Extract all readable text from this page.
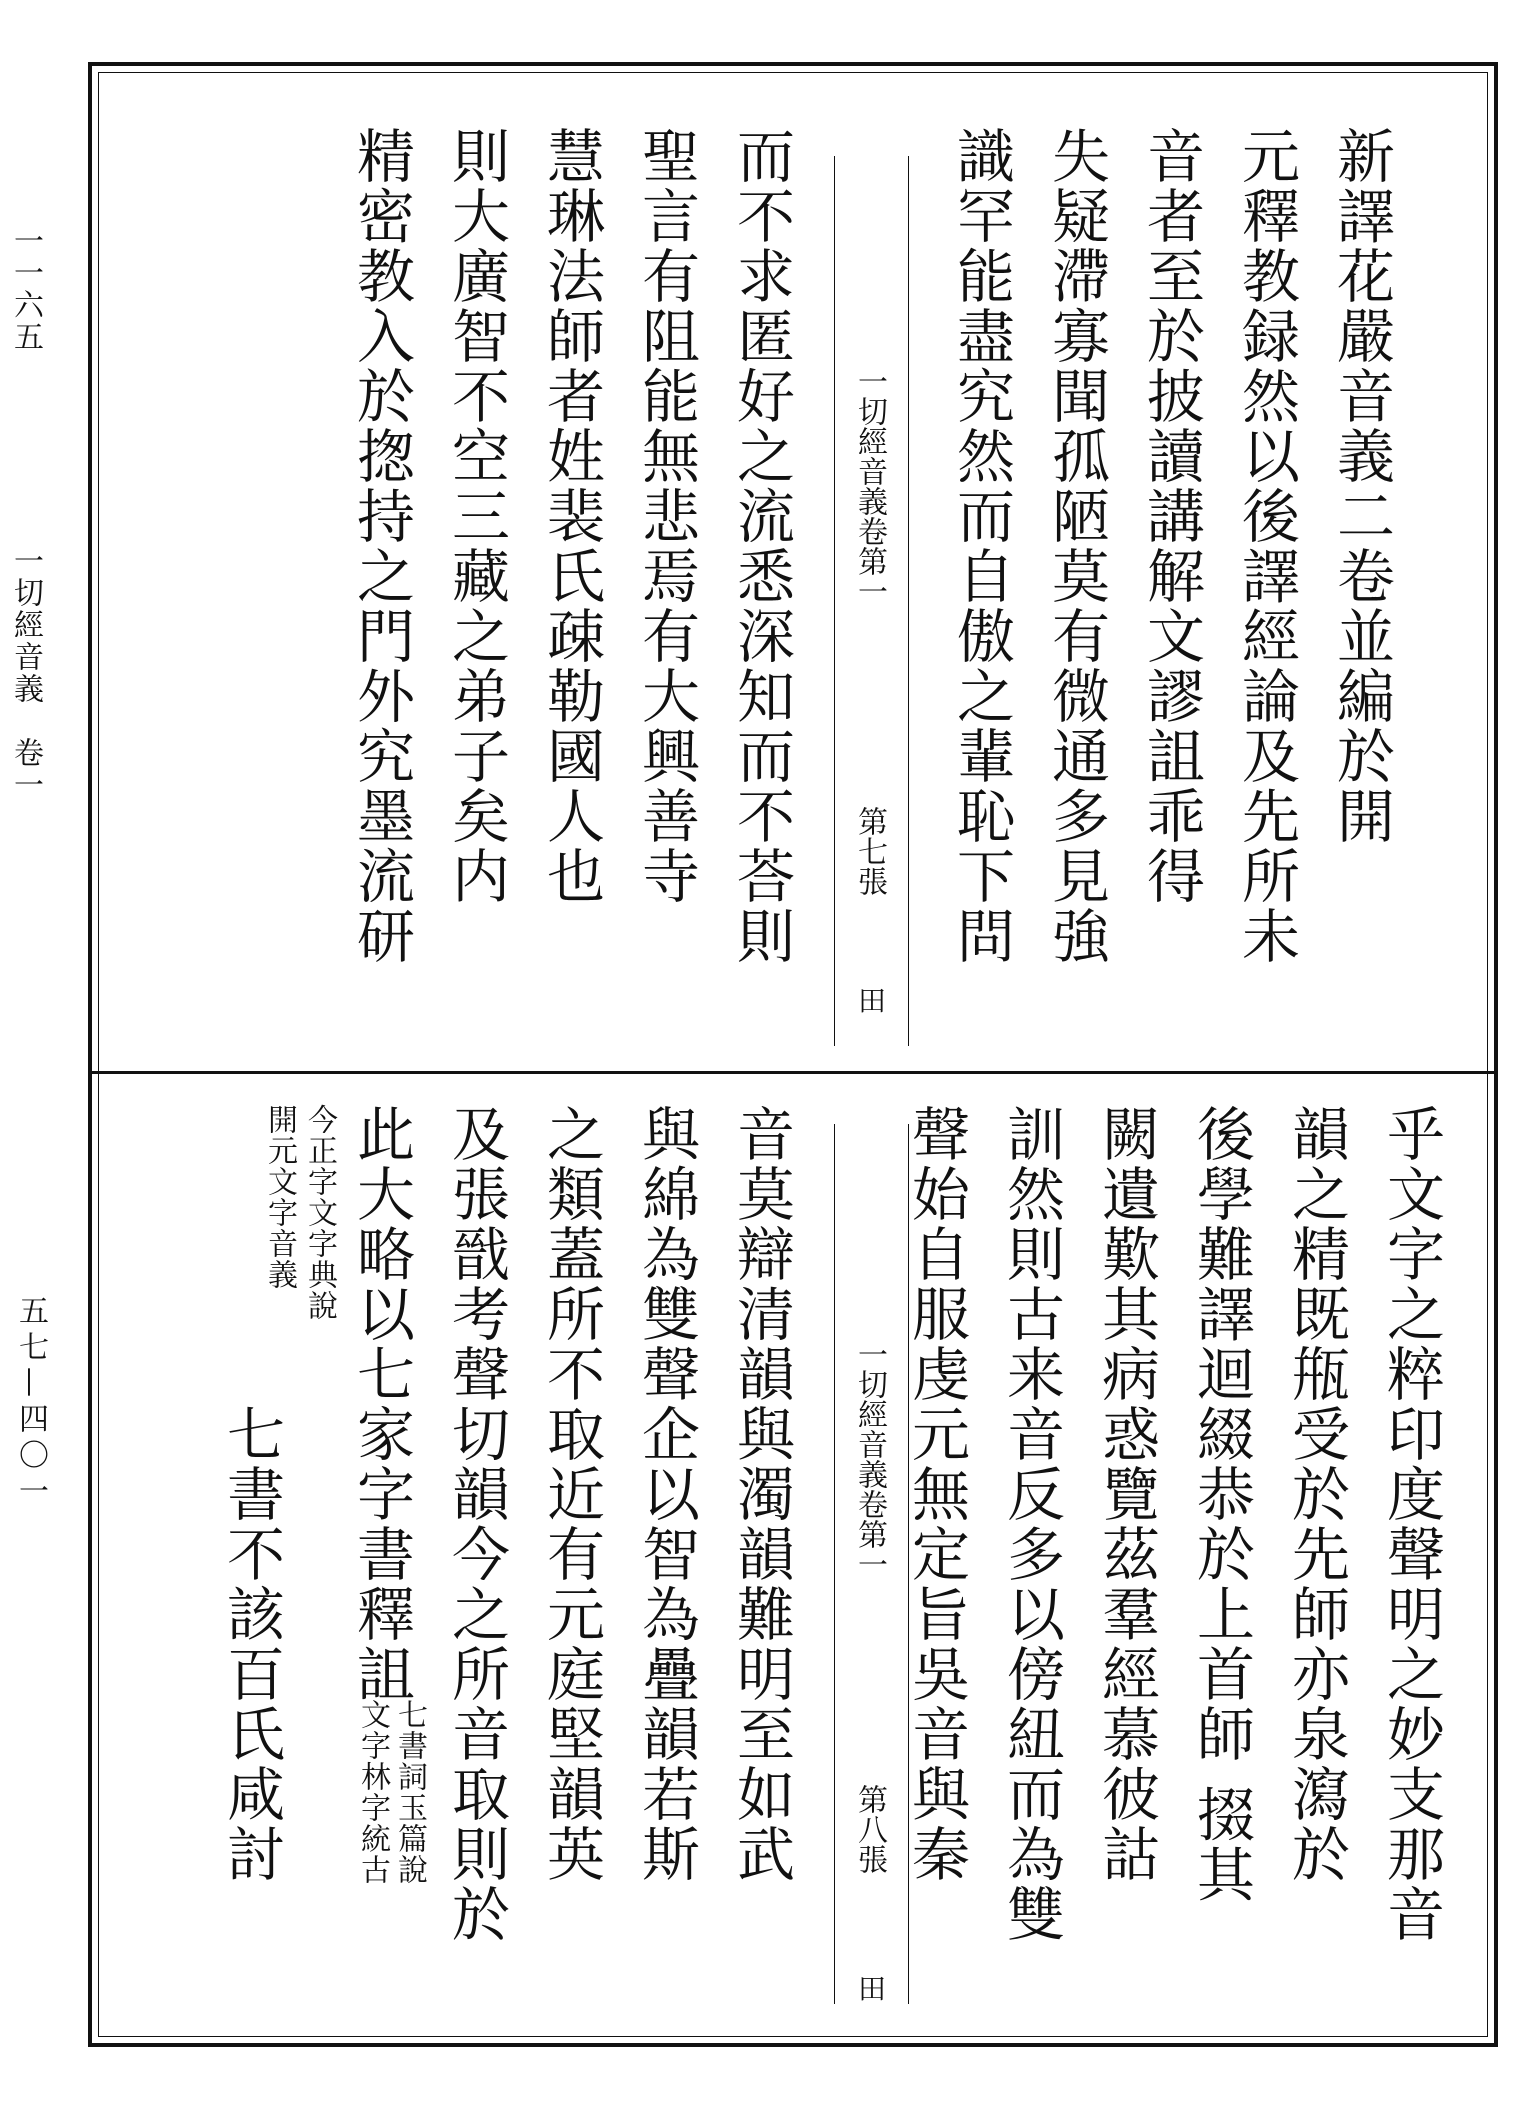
一一六五
一切經音義　卷一
五七—四〇一
新譯花嚴音義二卷並編於開
元釋教録然以後譯經論及先所未
音者至於披讀講解文謬詛乖得
失疑滯寡聞孤陋莫有微通多見強
識罕能盡究然而自傲之輩恥下問
一切經音義卷第一
第七張
田
而不求匿好之流悉深知而不荅則
聖言有阻能無悲焉有大興善寺
慧琳法師者姓裴氏疎勒國人也
則大廣智不空三藏之弟子矣内
精密教入於揔持之門外究墨流研
乎文字之粹印度聲明之妙支那音
韻之精既甁受於先師亦泉瀉於
後學難譯迴綴恭於上首師 掇其
闕遺歎其病惑覽茲羣經慕彼詁
訓然則古来音反多以傍紐而為雙
聲始自服虔元無定旨吳音與秦
一切經音義卷第一
第八張
田
音莫辯清韻與濁韻難明至如武
與綿為雙聲企以智為疊韻若斯
之類蓋所不取近有元庭堅韻英
及張戩考聲切韻今之所音取則於
此大略以七家字書釋詛
七書詞玉篇說
文字林字統古
今正字文字典說
開元文字音義
七書不該百氏咸討
